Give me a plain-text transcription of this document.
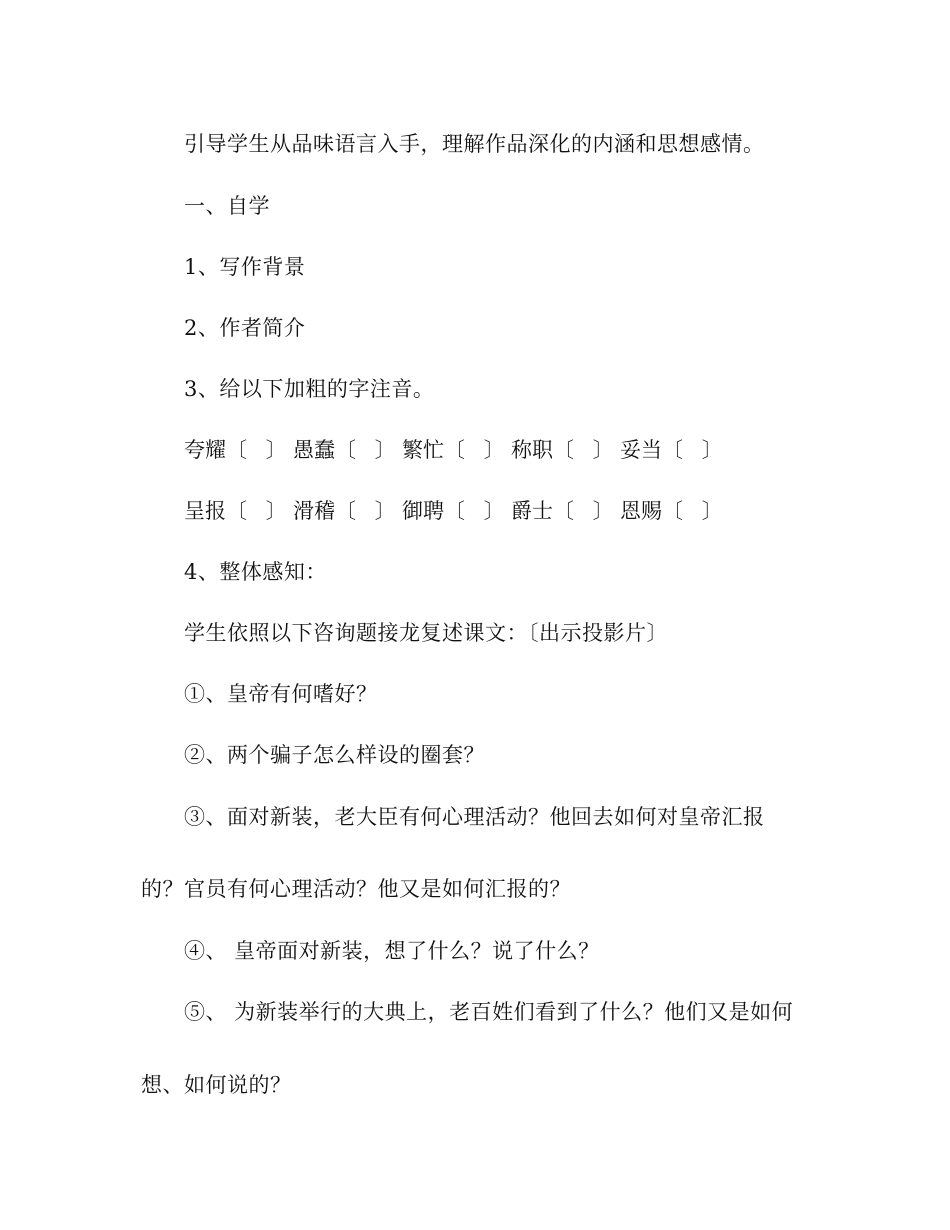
引导学生从品味语言入手，理解作品深化的内涵和思想感情。
一、自学
1、写作背景
2、作者简介
3、给以下加粗的字注音。
夸耀〔 〕 愚蠢〔 〕 繁忙〔 〕 称职〔 〕 妥当〔 〕
呈报〔 〕 滑稽〔 〕 御聘〔 〕 爵士〔 〕 恩赐〔 〕
4、整体感知：
学生依照以下咨询题接龙复述课文：〔出示投影片〕
①、皇帝有何嗜好？
②、两个骗子怎么样设的圈套？
③、面对新装，老大臣有何心理活动？他回去如何对皇帝汇报
的？官员有何心理活动？他又是如何汇报的？
④、 皇帝面对新装，想了什么？说了什么？
⑤、 为新装举行的大典上，老百姓们看到了什么？他们又是如何
想、如何说的？
